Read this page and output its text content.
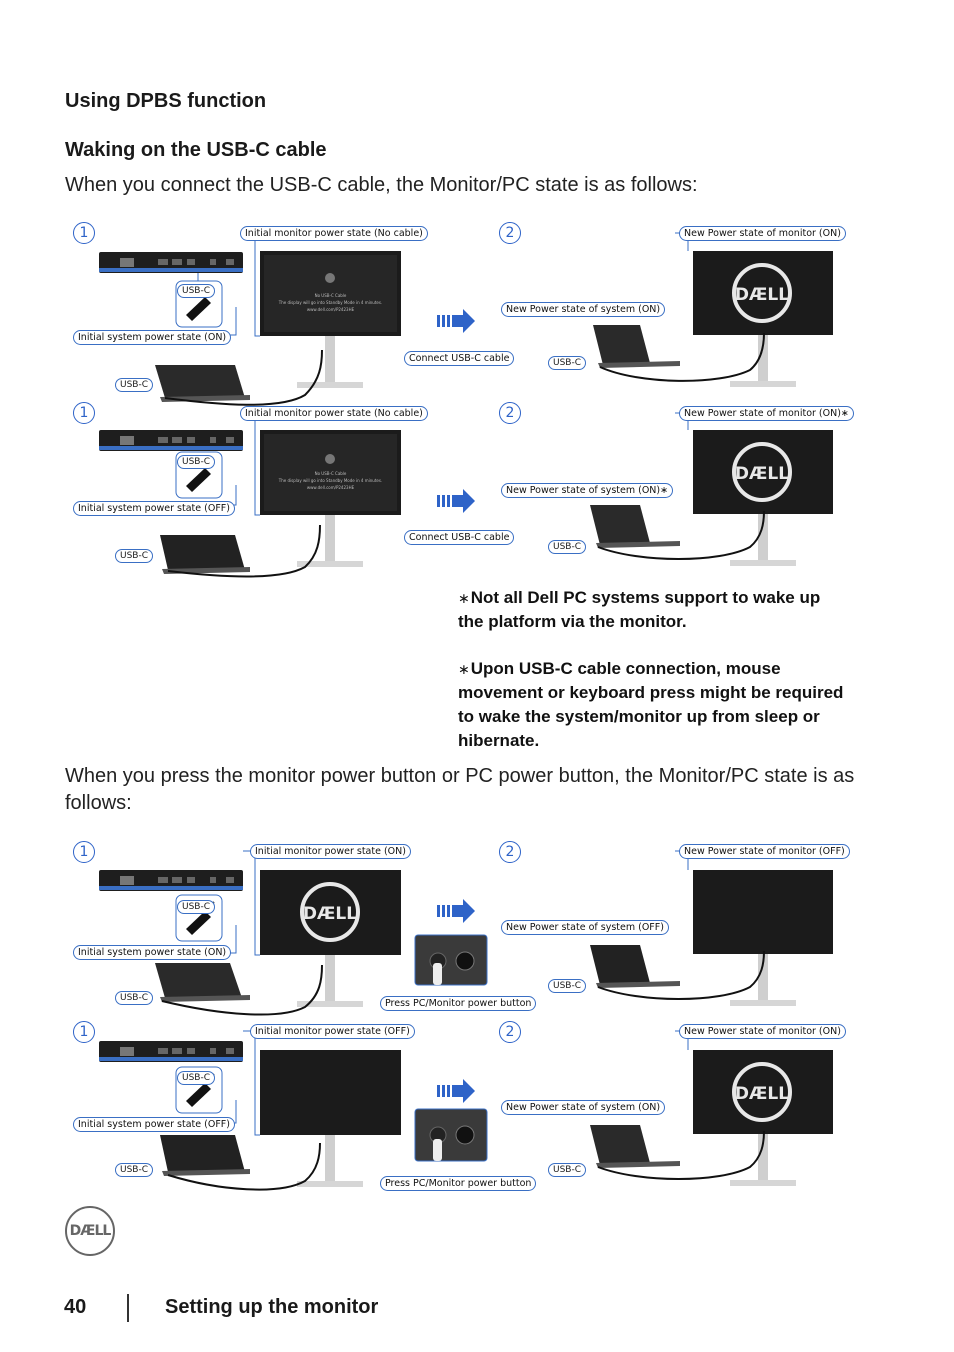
Using DPBS function
Waking on the USB-C cable
When you connect the USB-C cable, the Monitor/PC state is as follows:
DÆLL
DÆLL
1	2
Initial monitor power state (No cable)
USB-C
Initial system power state (ON)
USB-C
Connect USB-C cable
New Power state of monitor (ON)
New Power state of system (ON)
USB-C
No USB-C Cable
The display will go into Standby Mode in 4 minutes.
www.dell.com/P2423HE
1	2
Initial monitor power state (No cable)
USB-C
Initial system power state (OFF)
USB-C
Connect USB-C cable
New Power state of monitor (ON)∗
New Power state of system (ON)∗
USB-C
No USB-C Cable
The display will go into Standby Mode in 4 minutes.
www.dell.com/P2423HE
∗Not all Dell PC systems support to wake up the platform via the monitor.
∗Upon USB-C cable connection, mouse movement or keyboard press might be required to wake the system/monitor up from sleep or hibernate.
When you press the monitor power button or PC power button, the Monitor/PC state is as follows:
DÆLL
DÆLL
1	2
Initial monitor power state (ON)
USB-C
Initial system power state (ON)
USB-C	Press PC/Monitor power button
New Power state of monitor (OFF)
New Power state of system (OFF)
USB-C
1	2
Initial monitor power state (OFF)
USB-C
Initial system power state (OFF)
USB-C
Press PC/Monitor power button
New Power state of monitor (ON)
New Power state of system (ON)
USB-C
DÆLL
40	Setting up the monitor
